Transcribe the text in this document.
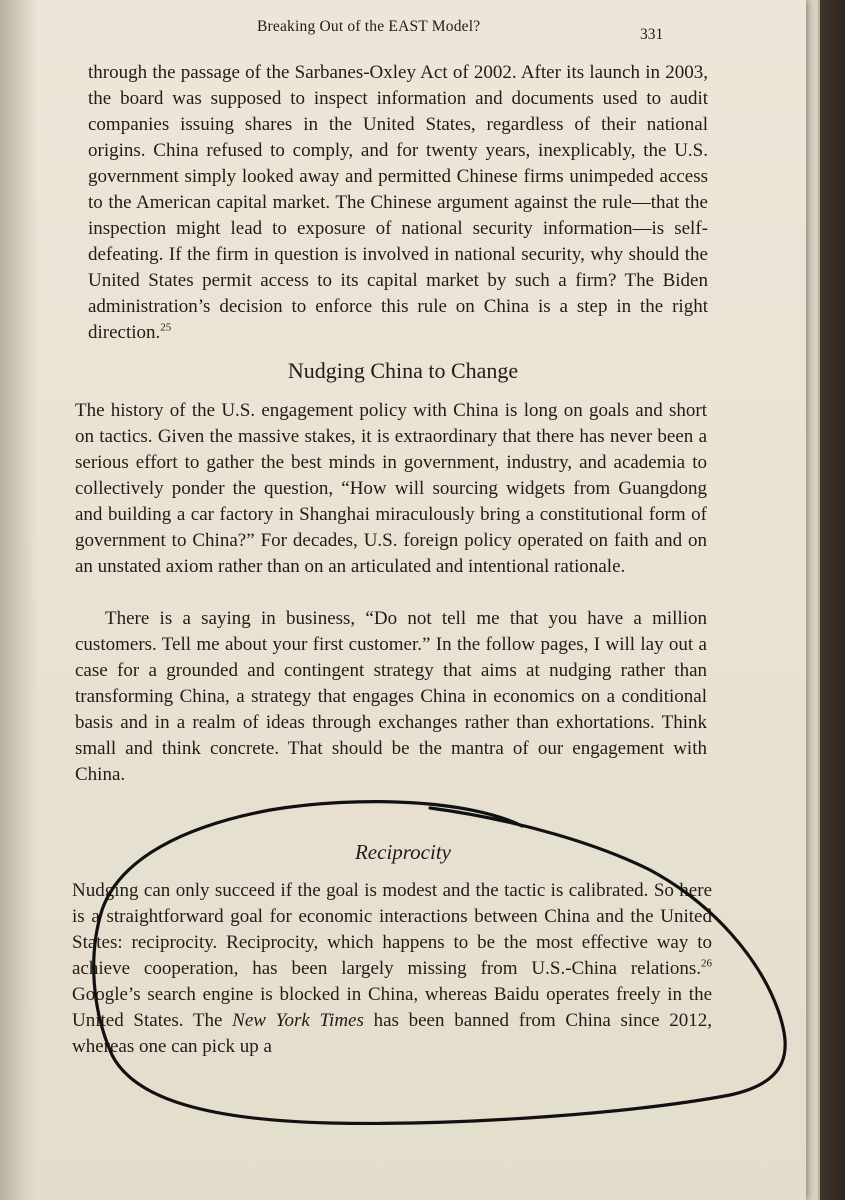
Breaking Out of the EAST Model?	331

through the passage of the Sarbanes-Oxley Act of 2002. After its launch in 2003, the board was supposed to inspect information and documents used to audit companies issuing shares in the United States, regardless of their national origins. China refused to comply, and for twenty years, inexplicably, the U.S. government simply looked away and permitted Chinese firms unimpeded access to the American capital market. The Chinese argument against the rule—that the inspection might lead to exposure of national security information—is self-defeating. If the firm in question is involved in national security, why should the United States permit access to its capital market by such a firm? The Biden administration’s decision to enforce this rule on China is a step in the right direction.$^{25}$

Nudging China to Change

The history of the U.S. engagement policy with China is long on goals and short on tactics. Given the massive stakes, it is extraordinary that there has never been a serious effort to gather the best minds in government, industry, and academia to collectively ponder the question, “How will sourcing widgets from Guangdong and building a car factory in Shanghai miraculously bring a constitutional form of government to China?” For decades, U.S. foreign policy operated on faith and on an unstated axiom rather than on an articulated and intentional rationale.

There is a saying in business, “Do not tell me that you have a million customers. Tell me about your first customer.” In the follow pages, I will lay out a case for a grounded and contingent strategy that aims at nudging rather than transforming China, a strategy that engages China in economics on a conditional basis and in a realm of ideas through exchanges rather than exhortations. Think small and think concrete. That should be the mantra of our engagement with China.

Reciprocity

Nudging can only succeed if the goal is modest and the tactic is calibrated. So here is a straightforward goal for economic interactions between China and the United States: reciprocity. Reciprocity, which happens to be the most effective way to achieve cooperation, has been largely missing from U.S.-China relations.$^{26}$ Google’s search engine is blocked in China, whereas Baidu operates freely in the United States. The New York Times has been banned from China since 2012, whereas one can pick up a
